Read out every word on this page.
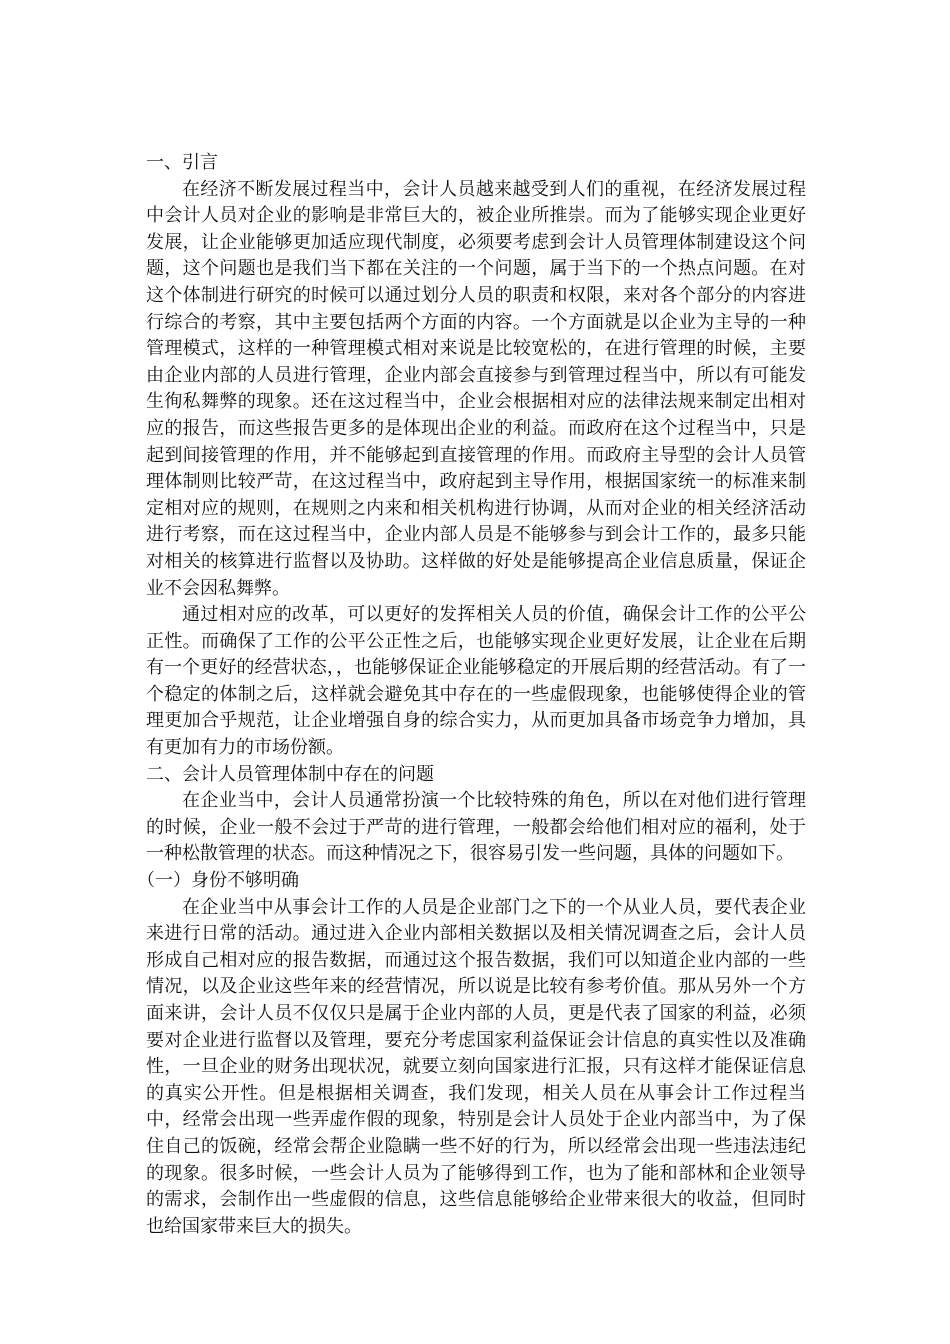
一、引言

在经济不断发展过程当中，会计人员越来越受到人们的重视，在经济发展过程中会计人员对企业的影响是非常巨大的，被企业所推崇。而为了能够实现企业更好发展，让企业能够更加适应现代制度，必须要考虑到会计人员管理体制建设这个问题，这个问题也是我们当下都在关注的一个问题，属于当下的一个热点问题。在对这个体制进行研究的时候可以通过划分人员的职责和权限，来对各个部分的内容进行综合的考察，其中主要包括两个方面的内容。一个方面就是以企业为主导的一种管理模式，这样的一种管理模式相对来说是比较宽松的，在进行管理的时候，主要由企业内部的人员进行管理，企业内部会直接参与到管理过程当中，所以有可能发生徇私舞弊的现象。还在这过程当中，企业会根据相对应的法律法规来制定出相对应的报告，而这些报告更多的是体现出企业的利益。而政府在这个过程当中，只是起到间接管理的作用，并不能够起到直接管理的作用。而政府主导型的会计人员管理体制则比较严苛，在这过程当中，政府起到主导作用，根据国家统一的标准来制定相对应的规则，在规则之内来和相关机构进行协调，从而对企业的相关经济活动进行考察，而在这过程当中，企业内部人员是不能够参与到会计工作的，最多只能对相关的核算进行监督以及协助。这样做的好处是能够提高企业信息质量，保证企业不会因私舞弊。

通过相对应的改革，可以更好的发挥相关人员的价值，确保会计工作的公平公正性。而确保了工作的公平公正性之后，也能够实现企业更好发展，让企业在后期有一个更好的经营状态，，也能够保证企业能够稳定的开展后期的经营活动。有了一个稳定的体制之后，这样就会避免其中存在的一些虚假现象，也能够使得企业的管理更加合乎规范，让企业增强自身的综合实力，从而更加具备市场竞争力增加，具有更加有力的市场份额。

二、会计人员管理体制中存在的问题

在企业当中，会计人员通常扮演一个比较特殊的角色，所以在对他们进行管理的时候，企业一般不会过于严苛的进行管理，一般都会给他们相对应的福利，处于一种松散管理的状态。而这种情况之下，很容易引发一些问题，具体的问题如下。

（一）身份不够明确

在企业当中从事会计工作的人员是企业部门之下的一个从业人员，要代表企业来进行日常的活动。通过进入企业内部相关数据以及相关情况调查之后，会计人员形成自己相对应的报告数据，而通过这个报告数据，我们可以知道企业内部的一些情况，以及企业这些年来的经营情况，所以说是比较有参考价值。那从另外一个方面来讲，会计人员不仅仅只是属于企业内部的人员，更是代表了国家的利益，必须要对企业进行监督以及管理，要充分考虑国家利益保证会计信息的真实性以及准确性，一旦企业的财务出现状况，就要立刻向国家进行汇报，只有这样才能保证信息的真实公开性。但是根据相关调查，我们发现，相关人员在从事会计工作过程当中，经常会出现一些弄虚作假的现象，特别是会计人员处于企业内部当中，为了保住自己的饭碗，经常会帮企业隐瞒一些不好的行为，所以经常会出现一些违法违纪的现象。很多时候，一些会计人员为了能够得到工作，也为了能和部林和企业领导的需求，会制作出一些虚假的信息，这些信息能够给企业带来很大的收益，但同时也给国家带来巨大的损失。
